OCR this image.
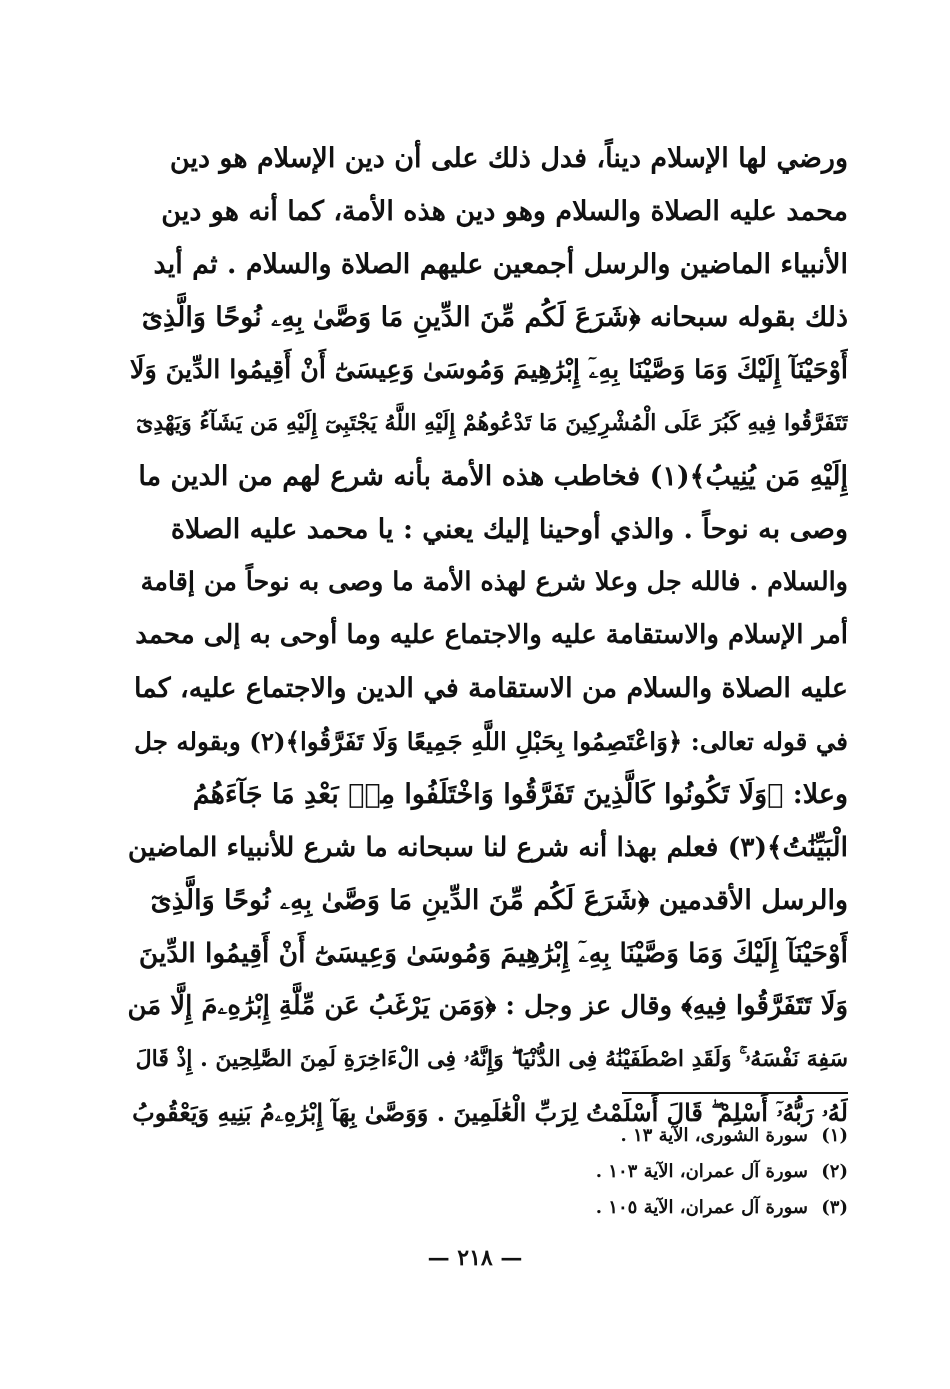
ورضي لها الإسلام ديناً، فدل ذلك على أن دين الإسلام هو دين
محمد عليه الصلاة والسلام وهو دين هذه الأمة، كما أنه هو دين
الأنبياء الماضين والرسل أجمعين عليهم الصلاة والسلام . ثم أيد
ذلك بقوله سبحانه ﴿شَرَعَ لَكُم مِّنَ الدِّينِ مَا وَصَّىٰ بِهِۦ نُوحًا وَالَّذِىٓ
أَوْحَيْنَآ إِلَيْكَ وَمَا وَصَّيْنَا بِهِۦٓ إِبْرَٰهِيمَ وَمُوسَىٰ وَعِيسَىٰٓ أَنْ أَقِيمُوا الدِّينَ وَلَا
تَتَفَرَّقُوا فِيهِ كَبُرَ عَلَى الْمُشْرِكِينَ مَا تَدْعُوهُمْ إِلَيْهِ اللَّهُ يَجْتَبِىٓ إِلَيْهِ مَن يَشَآءُ وَيَهْدِىٓ
إِلَيْهِ مَن يُنِيبُ﴾(١) فخاطب هذه الأمة بأنه شرع لهم من الدين ما
وصى به نوحاً . والذي أوحينا إليك يعني : يا محمد عليه الصلاة
والسلام . فالله جل وعلا شرع لهذه الأمة ما وصى به نوحاً من إقامة
أمر الإسلام والاستقامة عليه والاجتماع عليه وما أوحى به إلى محمد
عليه الصلاة والسلام من الاستقامة في الدين والاجتماع عليه، كما
في قوله تعالى: ﴿وَاعْتَصِمُوا بِحَبْلِ اللَّهِ جَمِيعًا وَلَا تَفَرَّقُوا﴾(٢) وبقوله جل
وعلا: ﴿وَلَا تَكُونُوا كَالَّذِينَ تَفَرَّقُوا وَاخْتَلَفُوا مِنۢ بَعْدِ مَا جَآءَهُمُ
الْبَيِّنَٰتُ﴾(٣) فعلم بهذا أنه شرع لنا سبحانه ما شرع للأنبياء الماضين
والرسل الأقدمين ﴿شَرَعَ لَكُم مِّنَ الدِّينِ مَا وَصَّىٰ بِهِۦ نُوحًا وَالَّذِىٓ
أَوْحَيْنَآ إِلَيْكَ وَمَا وَصَّيْنَا بِهِۦٓ إِبْرَٰهِيمَ وَمُوسَىٰ وَعِيسَىٰٓ أَنْ أَقِيمُوا الدِّينَ
وَلَا تَتَفَرَّقُوا فِيهِ﴾ وقال عز وجل : ﴿وَمَن يَرْغَبُ عَن مِّلَّةِ إِبْرَٰهِۦمَ إِلَّا مَن
سَفِهَ نَفْسَهُۥ ۚ وَلَقَدِ اصْطَفَيْنَٰهُ فِى الدُّنْيَا ۖ وَإِنَّهُۥ فِى الْءَاخِرَةِ لَمِنَ الصَّٰلِحِينَ . إِذْ قَالَ
لَهُۥ رَبُّهُۥٓ أَسْلِمْ ۖ قَالَ أَسْلَمْتُ لِرَبِّ الْعَٰلَمِينَ . وَوَصَّىٰ بِهَآ إِبْرَٰهِۦمُ بَنِيهِ وَيَعْقُوبُ
(١)سورة الشورى، الآية ١٣ .
(٢)سورة آل عمران، الآية ١٠٣ .
(٣)سورة آل عمران، الآية ١٠٥ .
— ٢١٨ —
